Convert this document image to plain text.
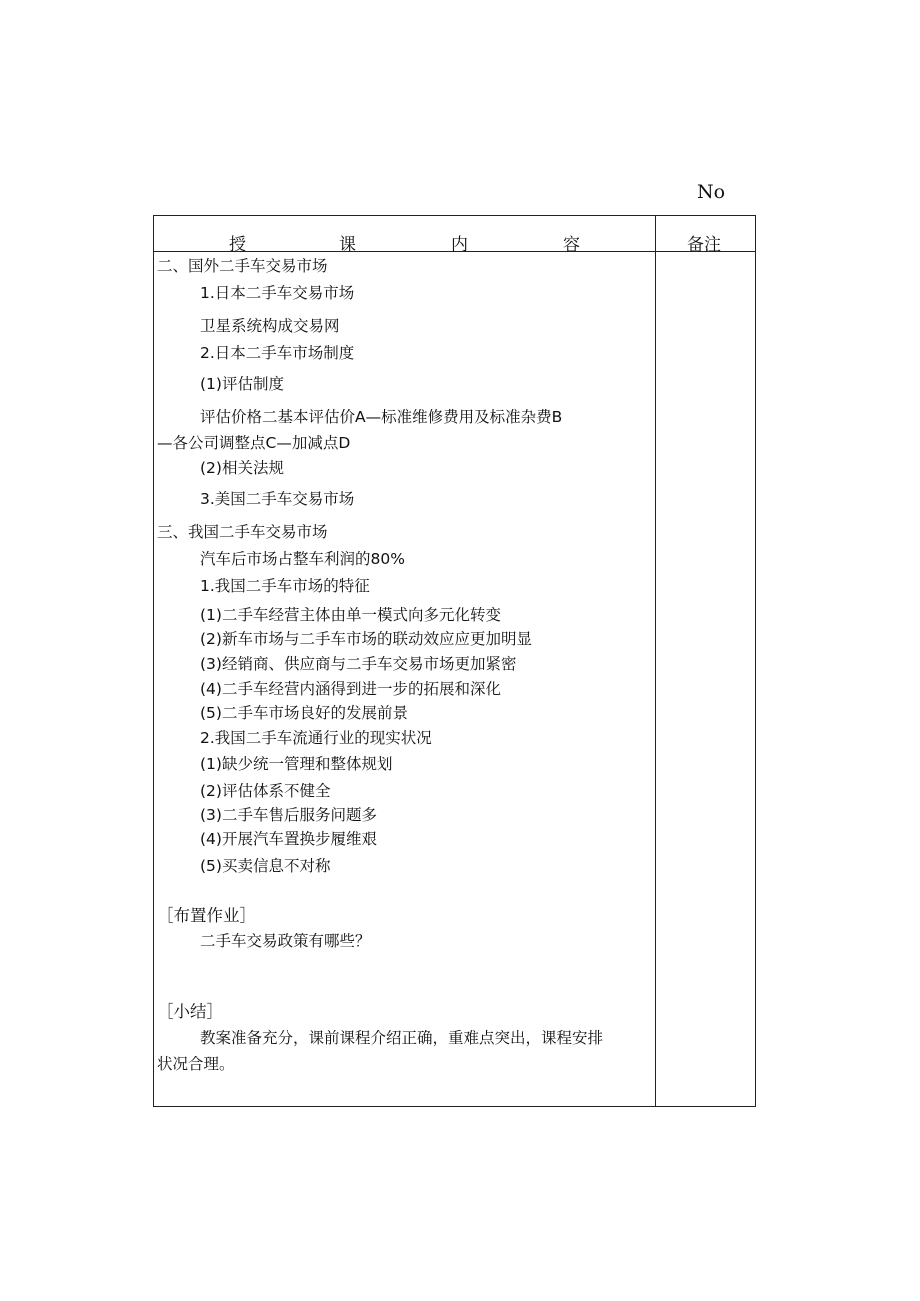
No
授	课	内	容	备注
二、国外二手车交易市场
1.日本二手车交易市场
卫星系统构成交易网
2.日本二手车市场制度
(1)评估制度
评估价格二基本评估价A—标准维修费用及标准杂费B
—各公司调整点C—加减点D
(2)相关法规
3.美国二手车交易市场
三、我国二手车交易市场
汽车后市场占整车利润的80%
1.我国二手车市场的特征
(1)二手车经营主体由单一模式向多元化转变
(2)新车市场与二手车市场的联动效应应更加明显
(3)经销商、供应商与二手车交易市场更加紧密
(4)二手车经营内涵得到进一步的拓展和深化
(5)二手车市场良好的发展前景
2.我国二手车流通行业的现实状况
(1)缺少统一管理和整体规划
(2)评估体系不健全
(3)二手车售后服务问题多
(4)开展汽车置换步履维艰
(5)买卖信息不对称
［布置作业］
二手车交易政策有哪些？
［小结］
教案准备充分，课前课程介绍正确，重难点突出，课程安排
状况合理。
